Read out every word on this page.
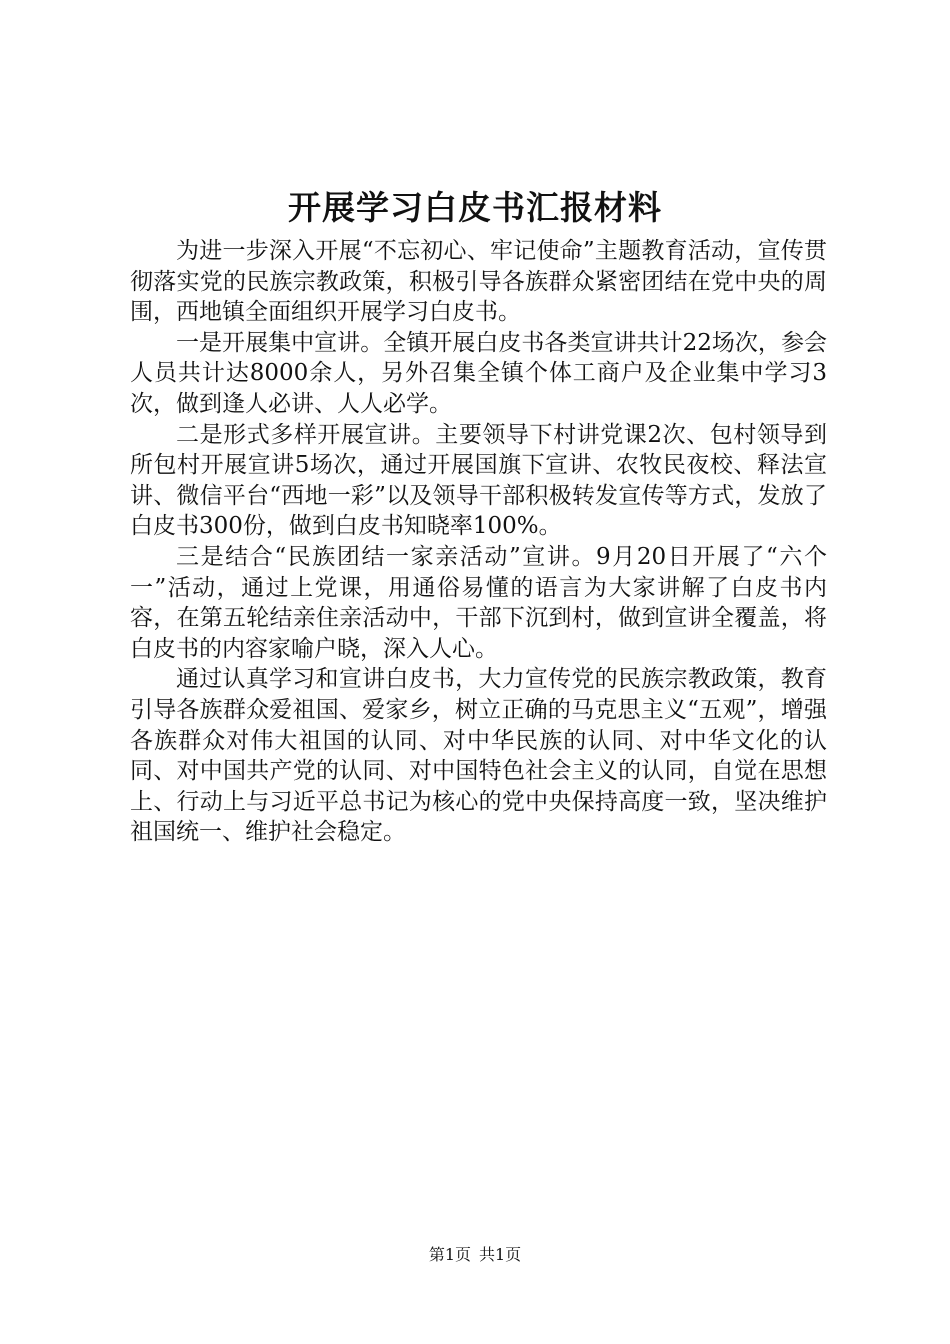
开展学习白皮书汇报材料

为进一步深入开展“不忘初心、牢记使命”主题教育活动，宣传贯彻落实党的民族宗教政策，积极引导各族群众紧密团结在党中央的周围，西地镇全面组织开展学习白皮书。

一是开展集中宣讲。全镇开展白皮书各类宣讲共计22场次，参会人员共计达8000余人，另外召集全镇个体工商户及企业集中学习3次，做到逢人必讲、人人必学。

二是形式多样开展宣讲。主要领导下村讲党课2次、包村领导到所包村开展宣讲5场次，通过开展国旗下宣讲、农牧民夜校、释法宣讲、微信平台“西地一彩”以及领导干部积极转发宣传等方式，发放了白皮书300份，做到白皮书知晓率100%。

三是结合“民族团结一家亲活动”宣讲。9月20日开展了“六个一”活动，通过上党课，用通俗易懂的语言为大家讲解了白皮书内容，在第五轮结亲住亲活动中，干部下沉到村，做到宣讲全覆盖，将白皮书的内容家喻户晓，深入人心。

通过认真学习和宣讲白皮书，大力宣传党的民族宗教政策，教育引导各族群众爱祖国、爱家乡，树立正确的马克思主义“五观”，增强各族群众对伟大祖国的认同、对中华民族的认同、对中华文化的认同、对中国共产党的认同、对中国特色社会主义的认同，自觉在思想上、行动上与习近平总书记为核心的党中央保持高度一致，坚决维护祖国统一、维护社会稳定。

第1页 共1页
